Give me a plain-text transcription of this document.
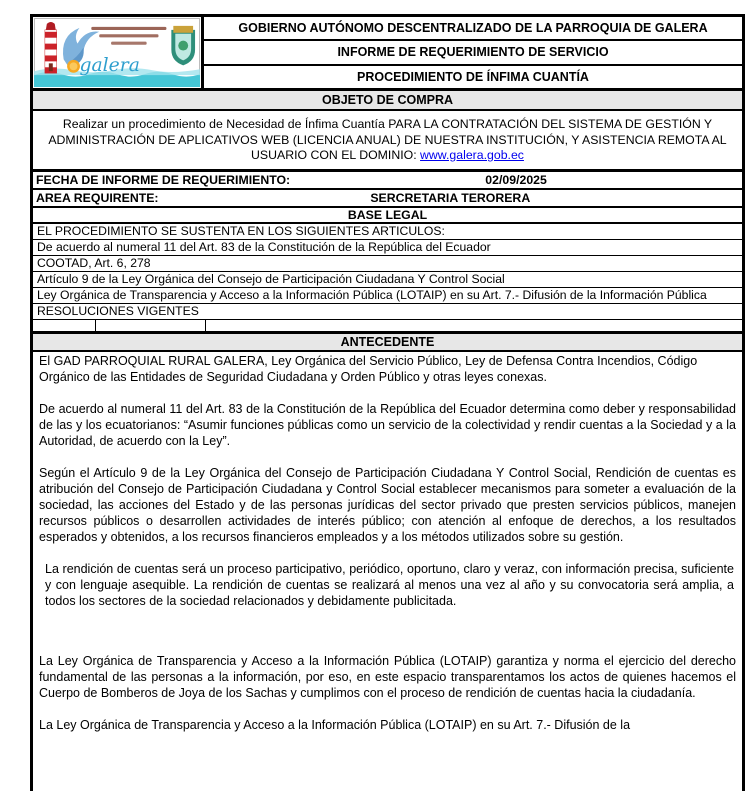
galera
GOBIERNO AUTÓNOMO DESCENTRALIZADO DE LA PARROQUIA DE GALERA
INFORME DE REQUERIMIENTO DE SERVICIO
PROCEDIMIENTO DE ÍNFIMA CUANTÍA
OBJETO DE COMPRA
Realizar un procedimiento de Necesidad de Ínfima Cuantía PARA LA CONTRATACIÓN DEL SISTEMA DE GESTIÓN Y ADMINISTRACIÓN DE APLICATIVOS WEB (LICENCIA ANUAL) DE NUESTRA INSTITUCIÓN, Y ASISTENCIA REMOTA AL USUARIO CON EL DOMINIO: www.galera.gob.ec
FECHA DE INFORME DE REQUERIMIENTO:	02/09/2025
AREA REQUIRENTE:	SERCRETARIA TERORERA
BASE LEGAL
EL PROCEDIMIENTO SE SUSTENTA EN LOS SIGUIENTES ARTICULOS:
De acuerdo al numeral 11 del Art. 83 de la Constitución de la República del Ecuador
COOTAD, Art. 6, 278
Artículo 9 de la Ley Orgánica del Consejo de Participación Ciudadana Y Control Social
Ley Orgánica de Transparencia y Acceso a la Información Pública (LOTAIP) en su Art. 7.- Difusión de la Información Pública
RESOLUCIONES VIGENTES
ANTECEDENTE

El GAD PARROQUIAL RURAL GALERA, Ley Orgánica del Servicio Público, Ley de Defensa Contra Incendios, Código Orgánico de las Entidades de Seguridad Ciudadana y Orden Público y otras leyes conexas.

De acuerdo al numeral 11 del Art. 83 de la Constitución de la República del Ecuador determina como deber y responsabilidad de las y los ecuatorianos: “Asumir funciones públicas como un servicio de la colectividad y rendir cuentas a la Sociedad y a la Autoridad, de acuerdo con la Ley”.

Según el Artículo 9 de la Ley Orgánica del Consejo de Participación Ciudadana Y Control Social, Rendición de cuentas es atribución del Consejo de Participación Ciudadana y Control Social establecer mecanismos para someter a evaluación de la sociedad, las acciones del Estado y de las personas jurídicas del sector privado que presten servicios públicos, manejen recursos públicos o desarrollen actividades de interés público; con atención al enfoque de derechos, a los resultados esperados y obtenidos, a los recursos financieros empleados y a los métodos utilizados sobre su gestión.

La rendición de cuentas será un proceso participativo, periódico, oportuno, claro y veraz, con información precisa, suficiente y con lenguaje asequible. La rendición de cuentas se realizará al menos una vez al año y su convocatoria será amplia, a todos los sectores de la sociedad relacionados y debidamente publicitada.

La Ley Orgánica de Transparencia y Acceso a la Información Pública (LOTAIP) garantiza y norma el ejercicio del derecho fundamental de las personas a la información, por eso, en este espacio transparentamos los actos de quienes hacemos el Cuerpo de Bomberos de Joya de los Sachas y cumplimos con el proceso de rendición de cuentas hacia la ciudadanía.

La Ley Orgánica de Transparencia y Acceso a la Información Pública (LOTAIP) en su Art. 7.- Difusión de la
